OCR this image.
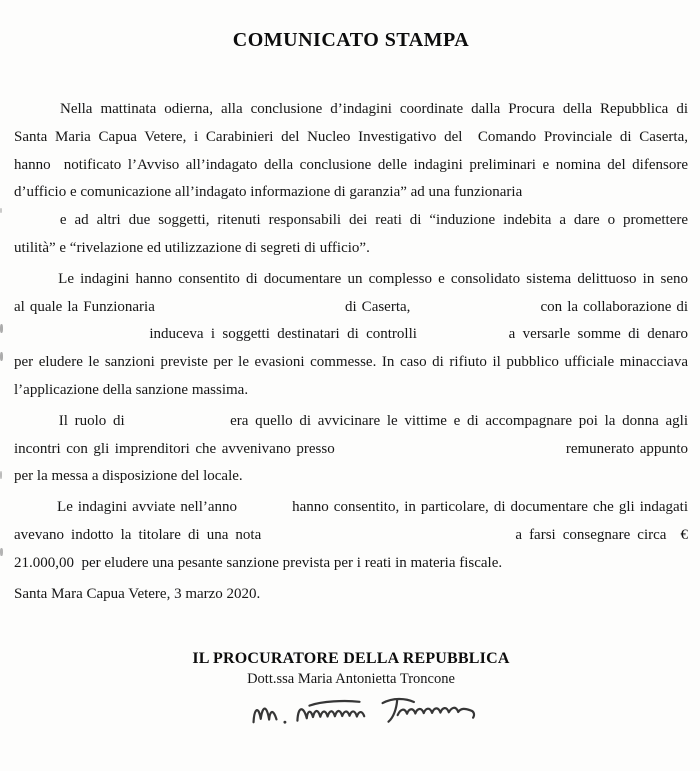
COMUNICATO STAMPA
Nella mattinata odierna, alla conclusione d’indagini coordinate dalla Procura della Repubblica di
Santa Maria Capua Vetere, i Carabinieri del Nucleo Investigativo del  Comando Provinciale di Caserta,
hanno  notificato l’Avviso all’indagato della conclusione delle indagini preliminari e nomina del difensore
d’ufficio e comunicazione all’indagato informazione di garanzia” ad una funzionaria
e ad altri due soggetti, ritenuti responsabili dei reati di “induzione indebita a dare o promettere
utilità” e “rivelazione ed utilizzazione di segreti di ufficio”.
Le indagini hanno consentito di documentare un complesso e consolidato sistema delittuoso in seno
al quale la Funzionaria	di Caserta,	con la collaborazione di
induceva i soggetti destinatari di controlli	a versarle somme di denaro
per eludere le sanzioni previste per le evasioni commesse. In caso di rifiuto il pubblico ufficiale minacciava
l’applicazione della sanzione massima.
Il ruolo di	era quello di avvicinare le vittime e di accompagnare poi la donna agli
incontri con gli imprenditori che avvenivano presso	remunerato appunto
per la messa a disposizione del locale.
Le indagini avviate nell’anno	hanno consentito, in particolare, di documentare che gli indagati
avevano indotto la titolare di una nota	a farsi consegnare circa  €
21.000,00  per eludere una pesante sanzione prevista per i reati in materia fiscale.
Santa Mara Capua Vetere, 3 marzo 2020.
IL PROCURATORE DELLA REPUBBLICA
Dott.ssa Maria Antonietta Troncone
